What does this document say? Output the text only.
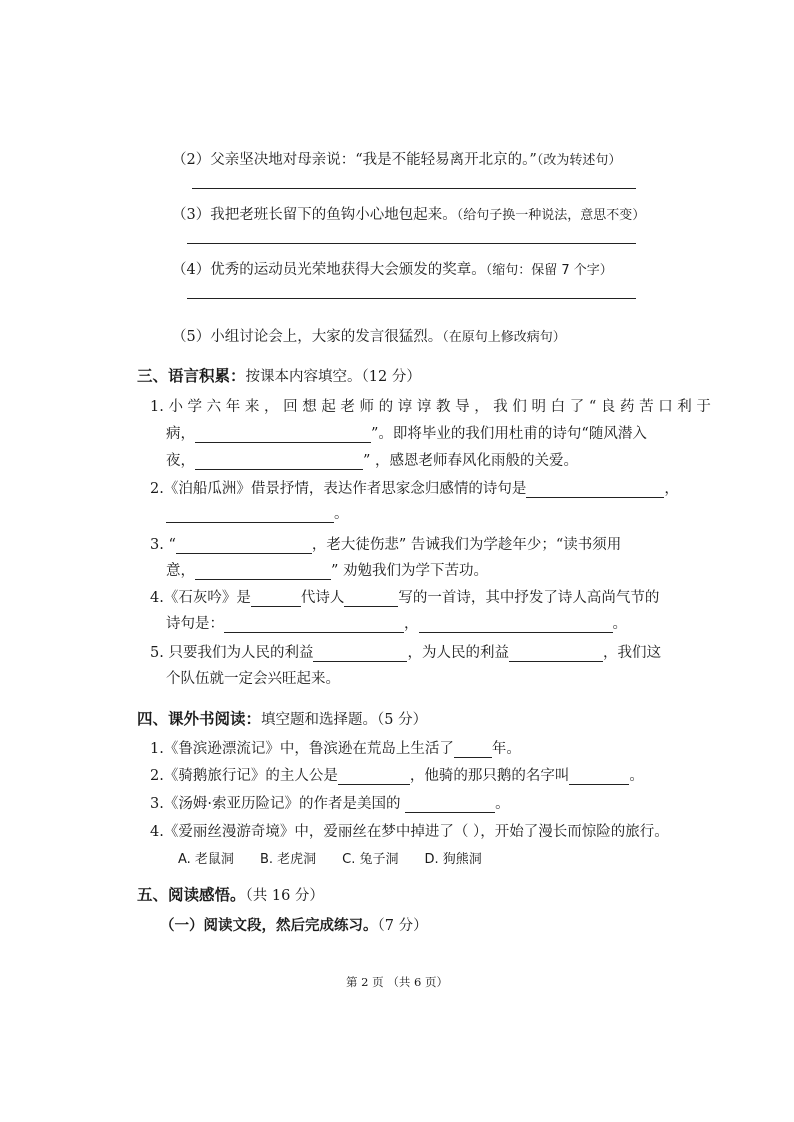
（2）父亲坚决地对母亲说：“我是不能轻易离开北京的。”（改为转述句）
（3）我把老班长留下的鱼钩小心地包起来。（给句子换一种说法，意思不变）
（4）优秀的运动员光荣地获得大会颁发的奖章。（缩句：保留 7 个字）
（5）小组讨论会上，大家的发言很猛烈。（在原句上修改病句）
三、语言积累：按课本内容填空。（12 分）
1. 小 学 六 年 来 ， 回 想 起 老 师 的 谆 谆 教 导 ， 我 们 明 白 了 “ 良 药 苦 口 利 于
病，	”。即将毕业的我们用杜甫的诗句“随风潜入
夜，	” ，感恩老师春风化雨般的关爱。
2.《泊船瓜洲》借景抒情，表达作者思家念归感情的诗句是	，
。
3. “	，老大徒伤悲” 告诫我们为学趁年少；“读书须用
意，	” 劝勉我们为学下苦功。
4.《石灰吟》是	代诗人	写的一首诗，其中抒发了诗人高尚气节的
诗句是：	，	。
5. 只要我们为人民的利益	，为人民的利益	，我们这
个队伍就一定会兴旺起来。
四、课外书阅读：填空题和选择题。（5 分）
1.《鲁滨逊漂流记》中，鲁滨逊在荒岛上生活了	年。
2.《骑鹅旅行记》的主人公是	，他骑的那只鹅的名字叫	。
3.《汤姆·索亚历险记》的作者是美国的	。
4.《爱丽丝漫游奇境》中，爱丽丝在梦中掉进了（ ），开始了漫长而惊险的旅行。
A. 老鼠洞 B. 老虎洞 C. 兔子洞 D. 狗熊洞
五、阅读感悟。（共 16 分）
（一）阅读文段，然后完成练习。（7 分）
第 2 页 （共 6 页）
